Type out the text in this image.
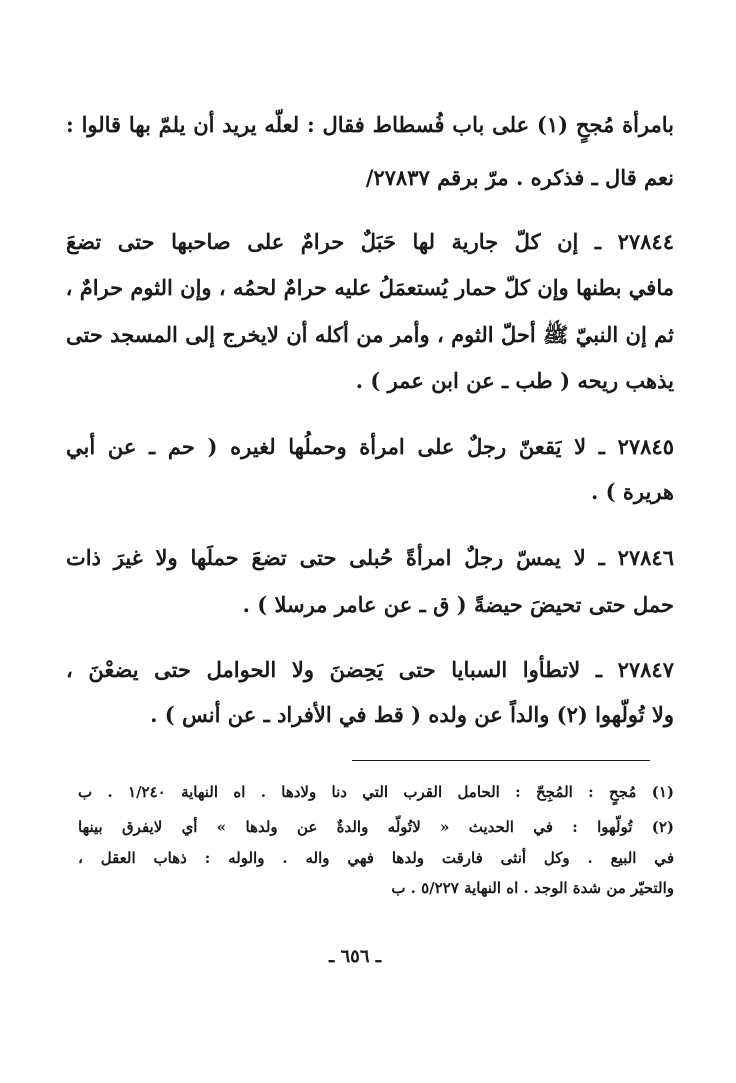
بامرأة مُجحٍ (١) على باب فُسطاط فقال : لعلّه يريد أن يلمّ بها قالوا :
نعم قال ـ فذكره . مرّ برقم ٢٧٨٣٧/
٢٧٨٤٤ ـ إن كلّ جارية لها حَبَلٌ حرامٌ على صاحبها حتى تضعَ
مافي بطنها وإن كلّ حمار يُستعمَلُ عليه حرامٌ لحمُه ، وإن الثوم حرامٌ ،
ثم إن النبيّ ﷺ أحلّ الثوم ، وأمر من أكله أن لايخرج إلى المسجد حتى
يذهب ريحه ( طب ـ عن ابن عمر ) .
٢٧٨٤٥ ـ لا يَقعنّ رجلٌ على امرأة وحملُها لغيره ( حم ـ عن أبي
هريرة ) .
٢٧٨٤٦ ـ لا يمسّ رجلٌ امرأةً حُبلى حتى تضعَ حملَها ولا غيرَ ذات
حمل حتى تحيضَ حيضةً ( ق ـ عن عامر مرسلا ) .
٢٧٨٤٧ ـ لاتطأوا السبايا حتى يَحِضنَ ولا الحوامل حتى يضعْنَ ،
ولا تُولّهوا (٢) والداً عن ولده ( قط في الأفراد ـ عن أنس ) .
(١) مُجحٍ : المُجِحّ : الحامل القرب التي دنا ولادها . اه النهاية ١/٢٤٠ . ب
(٢) تُولّهوا : في الحديث « لاتُولّه والدةٌ عن ولدها » أي لايفرق بينها
في البيع . وكل أنثى فارقت ولدها فهي واله . والوله : ذهاب العقل ،
والتحيّر من شدة الوجد . اه النهاية ٥/٢٢٧ . ب
ـ ٦٥٦ ـ
